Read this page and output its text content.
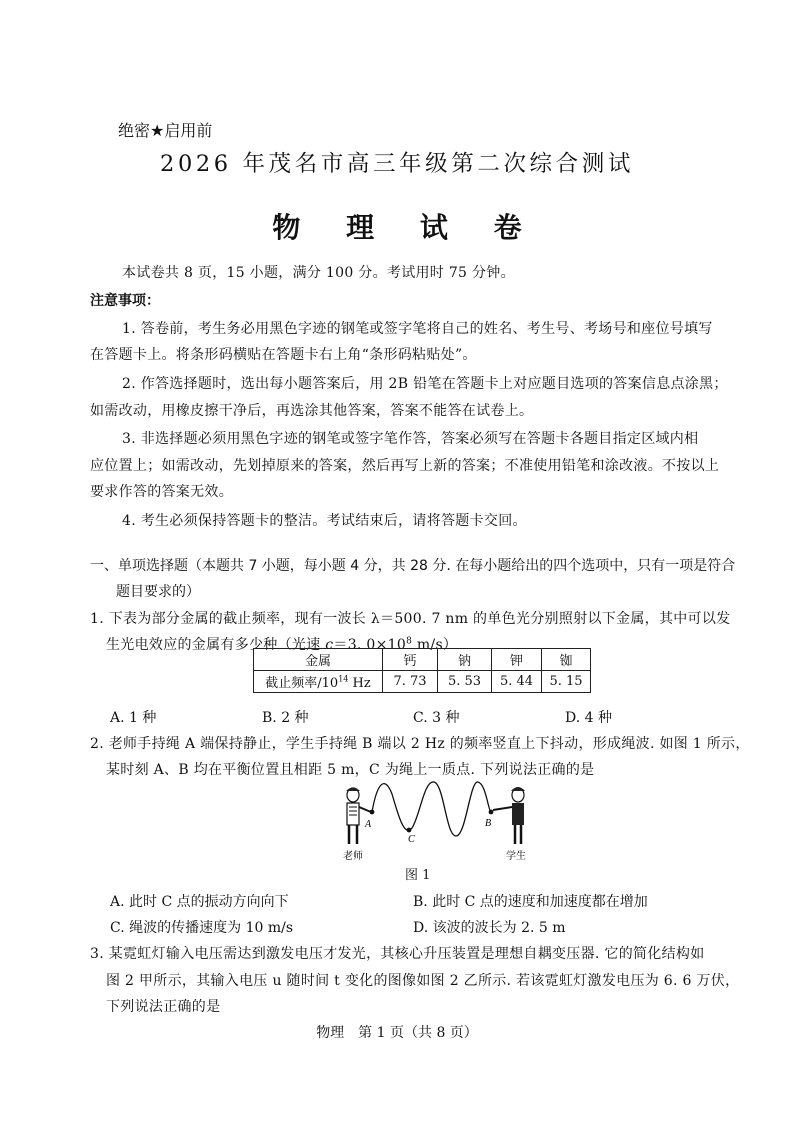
绝密★启用前
2026 年茂名市高三年级第二次综合测试
物 理 试 卷
本试卷共 8 页，15 小题，满分 100 分。考试用时 75 分钟。
注意事项：
1. 答卷前，考生务必用黑色字迹的钢笔或签字笔将自己的姓名、考生号、考场号和座位号填写
在答题卡上。将条形码横贴在答题卡右上角“条形码粘贴处”。
2. 作答选择题时，选出每小题答案后，用 2B 铅笔在答题卡上对应题目选项的答案信息点涂黑；
如需改动，用橡皮擦干净后，再选涂其他答案，答案不能答在试卷上。
3. 非选择题必须用黑色字迹的钢笔或签字笔作答，答案必须写在答题卡各题目指定区域内相
应位置上；如需改动，先划掉原来的答案，然后再写上新的答案；不准使用铅笔和涂改液。不按以上
要求作答的答案无效。
4. 考生必须保持答题卡的整洁。考试结束后，请将答题卡交回。
一、单项选择题（本题共 7 小题，每小题 4 分，共 28 分. 在每小题给出的四个选项中，只有一项是符合
题目要求的）
1. 下表为部分金属的截止频率，现有一波长 λ＝500. 7 nm 的单色光分别照射以下金属，其中可以发
生光电效应的金属有多少种（光速 c＝3. $0\times 10^8$ m/s）
金属	钙	钠	钾	铷
截止频率$/10^{14}$ Hz	7. 73	5. 53	5. 44	5. 15
A. 1 种	B. 2 种	C. 3 种	D. 4 种
2. 老师手持绳 A 端保持静止，学生手持绳 B 端以 2 Hz 的频率竖直上下抖动，形成绳波. 如图 1 所示，
某时刻 A、B 均在平衡位置且相距 5 m，C 为绳上一质点. 下列说法正确的是
A
C
B
老师	学生
图 1
A. 此时 C 点的振动方向向下	B. 此时 C 点的速度和加速度都在增加
C. 绳波的传播速度为 10 m/s	D. 该波的波长为 2. 5 m
3. 某霓虹灯输入电压需达到激发电压才发光，其核心升压装置是理想自耦变压器. 它的简化结构如
图 2 甲所示，其输入电压 u 随时间 t 变化的图像如图 2 乙所示. 若该霓虹灯激发电压为 6. 6 万伏，
下列说法正确的是
物理　第 1 页（共 8 页）
